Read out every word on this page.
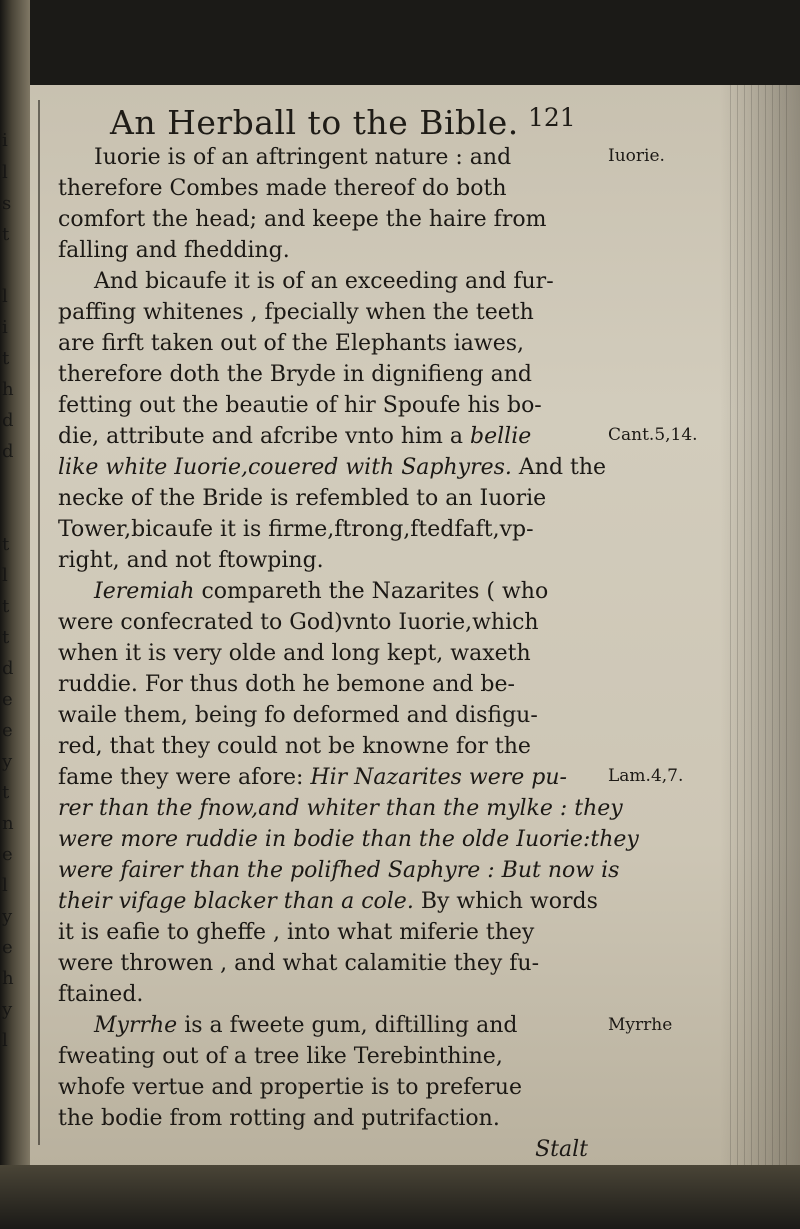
i
l
s
t
l
i
t
h
d
d
t
l
t
t
d
e
e
y
t
n
e
l
y
e
h
y
l
An Herball to the Bible. 121
Iuorie is of an aftringent nature : and
therefore Combes made thereof do both
comfort the head; and keepe the haire from
falling and fhedding.
And bicaufe it is of an exceeding and fur-
paffing whitenes , fpecially when the teeth
are firft taken out of the Elephants iawes,
therefore doth the Bryde in dignifieng and
fetting out the beautie of hir Spoufe his bo-
die, attribute and afcribe vnto him a bellie
like white Iuorie,couered with Saphyres. And the
necke of the Bride is refembled to an Iuorie
Tower,bicaufe it is firme,ftrong,ftedfaft,vp-
right, and not ftowping.
Ieremiah compareth the Nazarites ( who
were confecrated to God)vnto Iuorie,which
when it is very olde and long kept, waxeth
ruddie. For thus doth he bemone and be-
waile them, being fo deformed and disfigu-
red, that they could not be knowne for the
fame they were afore: Hir Nazarites were pu-
rer than the fnow,and whiter than the mylke : they
were more ruddie in bodie than the olde Iuorie:they
were fairer than the polifhed Saphyre : But now is
their vifage blacker than a cole. By which words
it is eafie to gheffe , into what miferie they
were throwen , and what calamitie they fu-
ftained.
Myrrhe is a fweete gum, diftilling and
fweating out of a tree like Terebinthine,
whofe vertue and propertie is to preferue
the bodie from rotting and putrifaction.
Stalt
Iuorie.
Cant.5,14.
Lam.4,7.
Myrrhe
